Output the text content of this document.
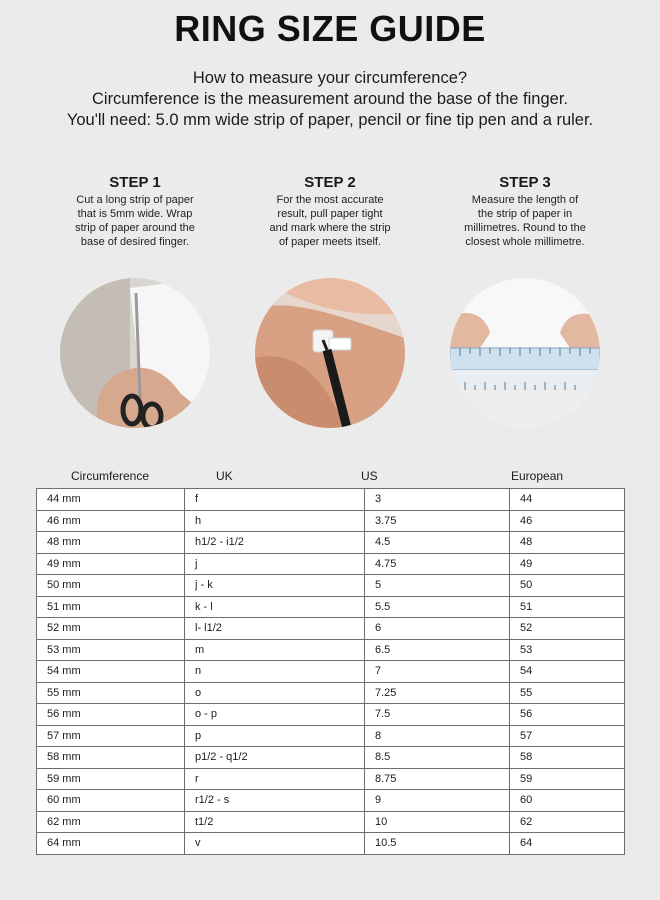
RING SIZE GUIDE
How to measure your circumference?
Circumference is the measurement around the base of the finger.
You'll need: 5.0 mm wide strip of paper, pencil or fine tip pen and a ruler.
STEP 1
Cut a long strip of paper
that is 5mm wide. Wrap
strip of paper around the
base of desired finger.
STEP 2
For the most accurate
result, pull paper tight
and mark where the strip
of paper meets itself.
STEP 3
Measure the length of
the strip of paper in
millimetres. Round to the
closest whole millimetre.
Circumference	UK	US	European
44 mm	f	3	44
46 mm	h	3.75	46
48 mm	h1/2 - i1/2	4.5	48
49 mm	j	4.75	49
50 mm	j - k	5	50
51 mm	k - l	5.5	51
52 mm	l- l1/2	6	52
53 mm	m	6.5	53
54 mm	n	7	54
55 mm	o	7.25	55
56 mm	o - p	7.5	56
57 mm	p	8	57
58 mm	p1/2 - q1/2	8.5	58
59 mm	r	8.75	59
60 mm	r1/2 - s	9	60
62 mm	t1/2	10	62
64 mm	v	10.5	64
